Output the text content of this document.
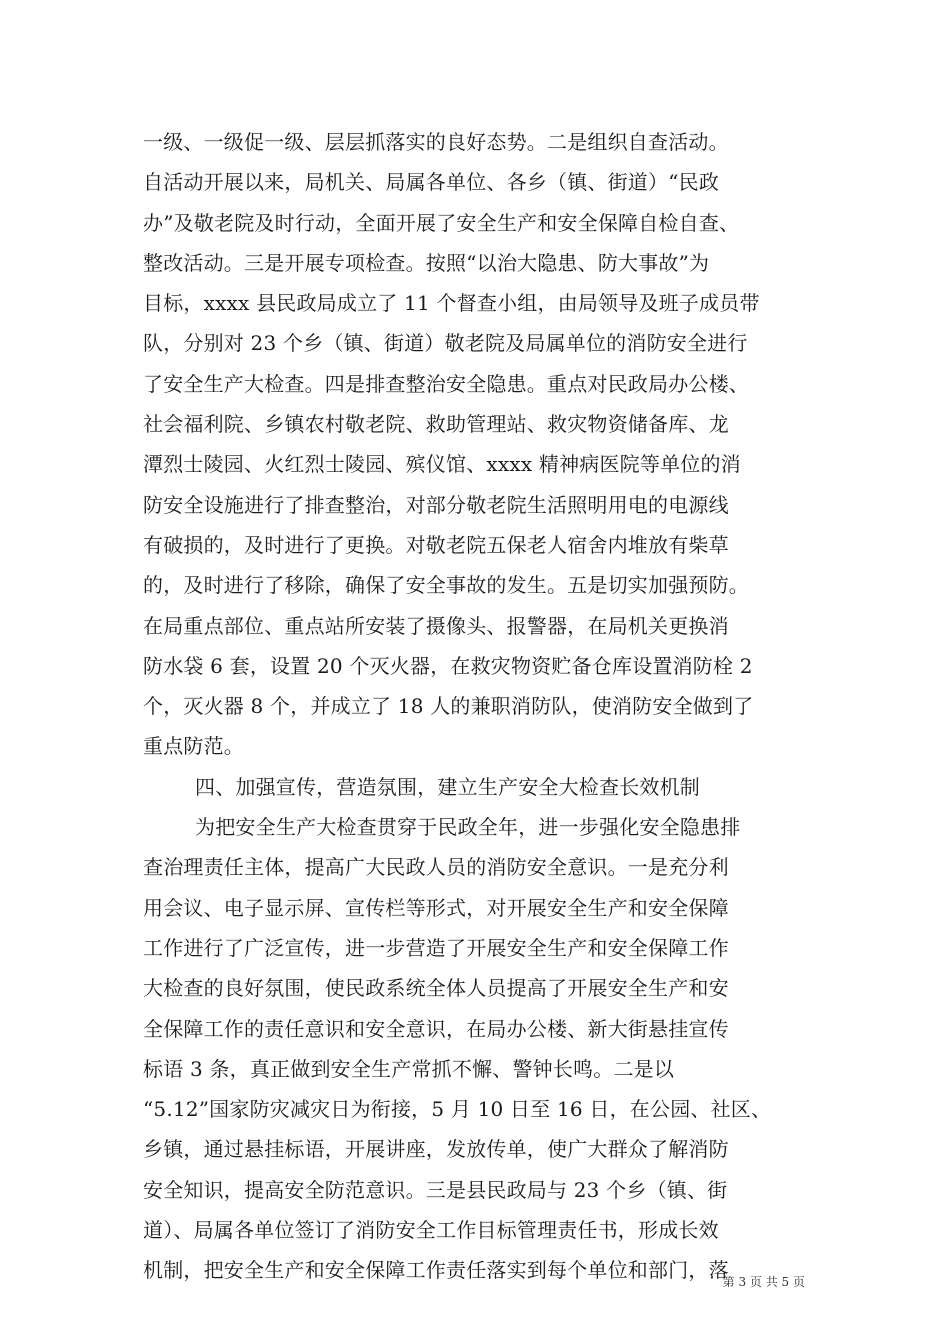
一级、一级促一级、层层抓落实的良好态势。二是组织自查活动。
自活动开展以来，局机关、局属各单位、各乡（镇、街道）“民政
办”及敬老院及时行动，全面开展了安全生产和安全保障自检自查、
整改活动。三是开展专项检查。按照“以治大隐患、防大事故”为
目标，xxxx 县民政局成立了 11 个督查小组，由局领导及班子成员带
队，分别对 23 个乡（镇、街道）敬老院及局属单位的消防安全进行
了安全生产大检查。四是排查整治安全隐患。重点对民政局办公楼、
社会福利院、乡镇农村敬老院、救助管理站、救灾物资储备库、龙
潭烈士陵园、火红烈士陵园、殡仪馆、xxxx 精神病医院等单位的消
防安全设施进行了排查整治，对部分敬老院生活照明用电的电源线
有破损的，及时进行了更换。对敬老院五保老人宿舍内堆放有柴草
的，及时进行了移除，确保了安全事故的发生。五是切实加强预防。
在局重点部位、重点站所安装了摄像头、报警器，在局机关更换消
防水袋 6 套，设置 20 个灭火器，在救灾物资贮备仓库设置消防栓 2
个，灭火器 8 个，并成立了 18 人的兼职消防队，使消防安全做到了
重点防范。
四、加强宣传，营造氛围，建立生产安全大检查长效机制
为把安全生产大检查贯穿于民政全年，进一步强化安全隐患排
查治理责任主体，提高广大民政人员的消防安全意识。一是充分利
用会议、电子显示屏、宣传栏等形式，对开展安全生产和安全保障
工作进行了广泛宣传，进一步营造了开展安全生产和安全保障工作
大检查的良好氛围，使民政系统全体人员提高了开展安全生产和安
全保障工作的责任意识和安全意识，在局办公楼、新大街悬挂宣传
标语 3 条，真正做到安全生产常抓不懈、警钟长鸣。二是以
“5.12”国家防灾减灾日为衔接，5 月 10 日至 16 日，在公园、社区、
乡镇，通过悬挂标语，开展讲座，发放传单，使广大群众了解消防
安全知识，提高安全防范意识。三是县民政局与 23 个乡（镇、街
道）、局属各单位签订了消防安全工作目标管理责任书，形成长效
机制，把安全生产和安全保障工作责任落实到每个单位和部门，落
第 3 页 共 5 页
